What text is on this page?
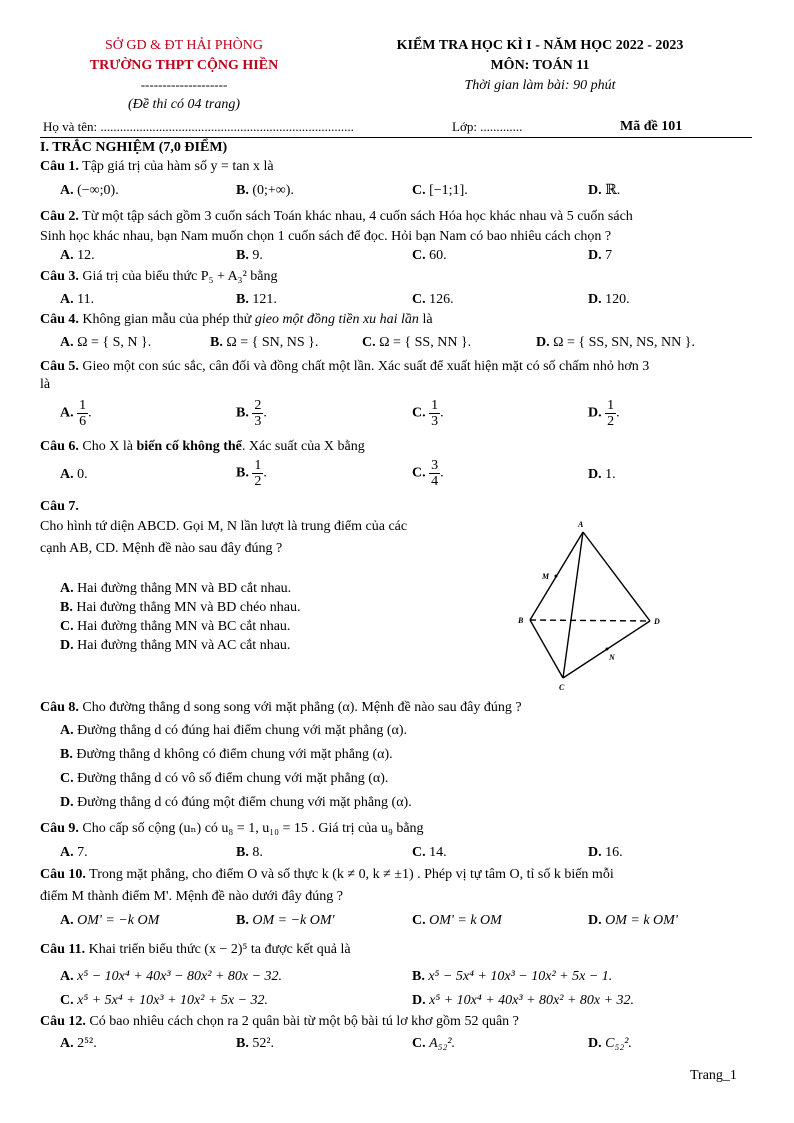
SỞ GD & ĐT HẢI PHÒNG
TRƯỜNG THPT CỘNG HIỀN
--------------------
(Đề thi có 04 trang)
KIỂM TRA HỌC KÌ I - NĂM HỌC 2022 - 2023
MÔN: TOÁN 11
Thời gian làm bài: 90 phút
Họ và tên: ..............................................................................	Lớp: .............	Mã đề 101
I. TRẮC NGHIỆM (7,0 ĐIỂM)
Câu 1. Tập giá trị của hàm số y = tan x là
A. (−∞;0).	B. (0;+∞).	C. [−1;1].	D. ℝ.
Câu 2. Từ một tập sách gồm 3 cuốn sách Toán khác nhau, 4 cuốn sách Hóa học khác nhau và 5 cuốn sách
Sinh học khác nhau, bạn Nam muốn chọn 1 cuốn sách để đọc. Hỏi bạn Nam có bao nhiêu cách chọn ?
A. 12.	B. 9.	C. 60.	D. 7
Câu 3. Giá trị của biểu thức P₅ + A₃² bằng
A. 11.	B. 121.	C. 126.	D. 120.
Câu 4. Không gian mẫu của phép thử gieo một đồng tiền xu hai lần là
A. Ω = { S, N }.	B. Ω = { SN, NS }.	C. Ω = { SS, NN }.	D. Ω = { SS, SN, NS, NN }.
Câu 5. Gieo một con súc sắc, cân đối và đồng chất một lần. Xác suất để xuất hiện mặt có số chấm nhỏ hơn 3
là
A. $\frac{1}{6}$ .	B. $\frac{2}{3}$ .	C. $\frac{1}{3}$ .	D. $\frac{1}{2}$ .
Câu 6. Cho X là biến cố không thể. Xác suất của X bằng
A. 0.	B. $\frac{1}{2}$ .	C. $\frac{3}{4}$ .	D. 1.
Câu 7.
Cho hình tứ diện ABCD. Gọi M, N lần lượt là trung điểm của các
cạnh AB, CD. Mệnh đề nào sau đây đúng ?
A. Hai đường thẳng MN và BD cắt nhau.
B. Hai đường thẳng MN và BD chéo nhau.
C. Hai đường thẳng MN và BC cắt nhau.
D. Hai đường thẳng MN và AC cắt nhau.
A
M
B	D
N
C
Câu 8. Cho đường thẳng d song song với mặt phẳng (α). Mệnh đề nào sau đây đúng ?
A. Đường thẳng d có đúng hai điểm chung với mặt phẳng (α).
B. Đường thẳng d không có điểm chung với mặt phẳng (α).
C. Đường thẳng d có vô số điểm chung với mặt phẳng (α).
D. Đường thẳng d có đúng một điểm chung với mặt phẳng (α).
Câu 9. Cho cấp số cộng (uₙ) có u₈ = 1, u₁₀ = 15 . Giá trị của u₉ bằng
A. 7.	B. 8.	C. 14.	D. 16.
Câu 10. Trong mặt phẳng, cho điểm O và số thực k (k ≠ 0, k ≠ ±1) . Phép vị tự tâm O, tỉ số k biến mỗi
điểm M thành điểm M'. Mệnh đề nào dưới đây đúng ?
A. OM' = −k OM	B. OM = −k OM'	C. OM' = k OM	D. OM = k OM'
Câu 11. Khai triển biểu thức (x − 2)⁵ ta được kết quả là
A. x⁵ − 10x⁴ + 40x³ − 80x² + 80x − 32.	B. x⁵ − 5x⁴ + 10x³ − 10x² + 5x − 1.
C. x⁵ + 5x⁴ + 10x³ + 10x² + 5x − 32.	D. x⁵ + 10x⁴ + 40x³ + 80x² + 80x + 32.
Câu 12. Có bao nhiêu cách chọn ra 2 quân bài từ một bộ bài tú lơ khơ gồm 52 quân ?
A. 2⁵².	B. 52².	C. A₅₂².	D. C₅₂².
Trang_1
